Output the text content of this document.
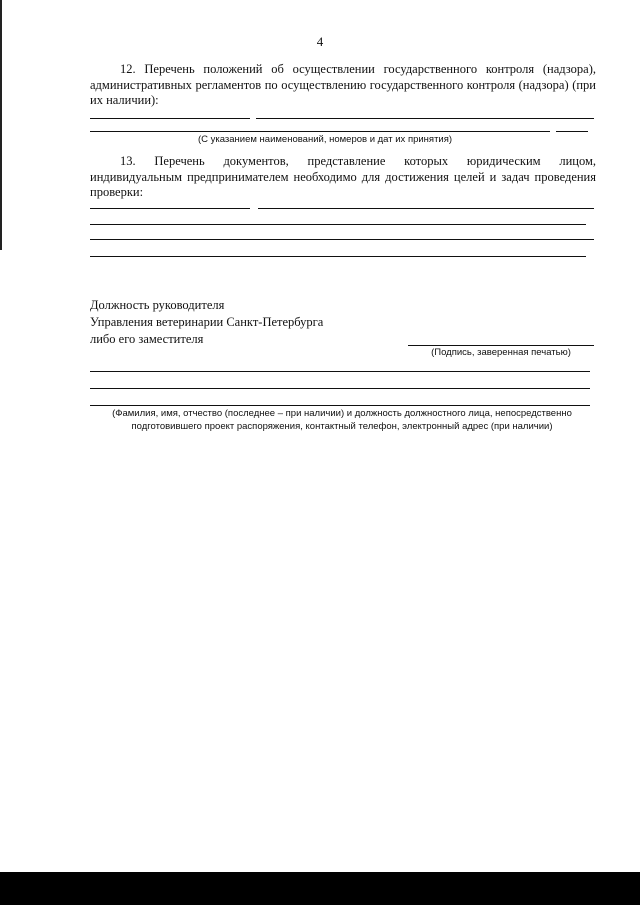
4

12. Перечень положений об осуществлении государственного контроля (надзора), административных регламентов по осуществлению государственного контроля (надзора) (при их наличии):

(С указанием наименований, номеров и дат их принятия)

13. Перечень документов, представление которых юридическим лицом, индивидуальным предпринимателем необходимо для достижения целей и задач проведения проверки:

Должность руководителя
Управления ветеринарии Санкт-Петербурга
либо его заместителя
(Подпись, заверенная печатью)
(Фамилия, имя, отчество (последнее – при наличии) и должность должностного лица, непосредственно
подготовившего проект распоряжения, контактный телефон, электронный адрес (при наличии)
